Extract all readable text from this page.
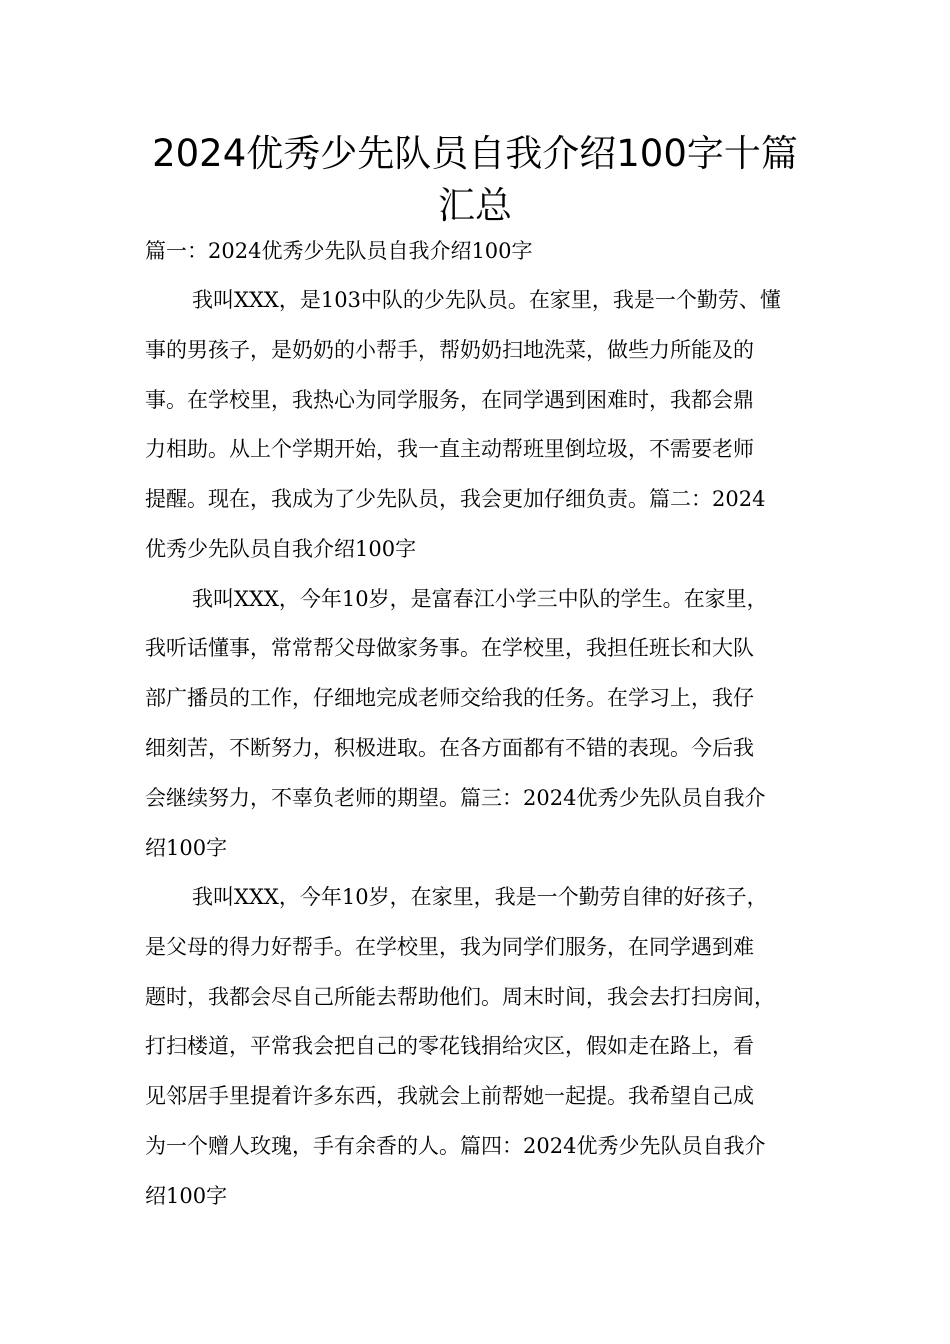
2024优秀少先队员自我介绍100字十篇
汇总
篇一：2024优秀少先队员自我介绍100字
我叫XXX，是103中队的少先队员。在家里，我是一个勤劳、懂
事的男孩子，是奶奶的小帮手，帮奶奶扫地洗菜，做些力所能及的
事。在学校里，我热心为同学服务，在同学遇到困难时，我都会鼎
力相助。从上个学期开始，我一直主动帮班里倒垃圾，不需要老师
提醒。现在，我成为了少先队员，我会更加仔细负责。篇二：2024
优秀少先队员自我介绍100字
我叫XXX，今年10岁，是富春江小学三中队的学生。在家里，
我听话懂事，常常帮父母做家务事。在学校里，我担任班长和大队
部广播员的工作，仔细地完成老师交给我的任务。在学习上，我仔
细刻苦，不断努力，积极进取。在各方面都有不错的表现。今后我
会继续努力，不辜负老师的期望。篇三：2024优秀少先队员自我介
绍100字
我叫XXX，今年10岁，在家里，我是一个勤劳自律的好孩子，
是父母的得力好帮手。在学校里，我为同学们服务，在同学遇到难
题时，我都会尽自己所能去帮助他们。周末时间，我会去打扫房间，
打扫楼道，平常我会把自己的零花钱捐给灾区，假如走在路上，看
见邻居手里提着许多东西，我就会上前帮她一起提。我希望自己成
为一个赠人玫瑰，手有余香的人。篇四：2024优秀少先队员自我介
绍100字
